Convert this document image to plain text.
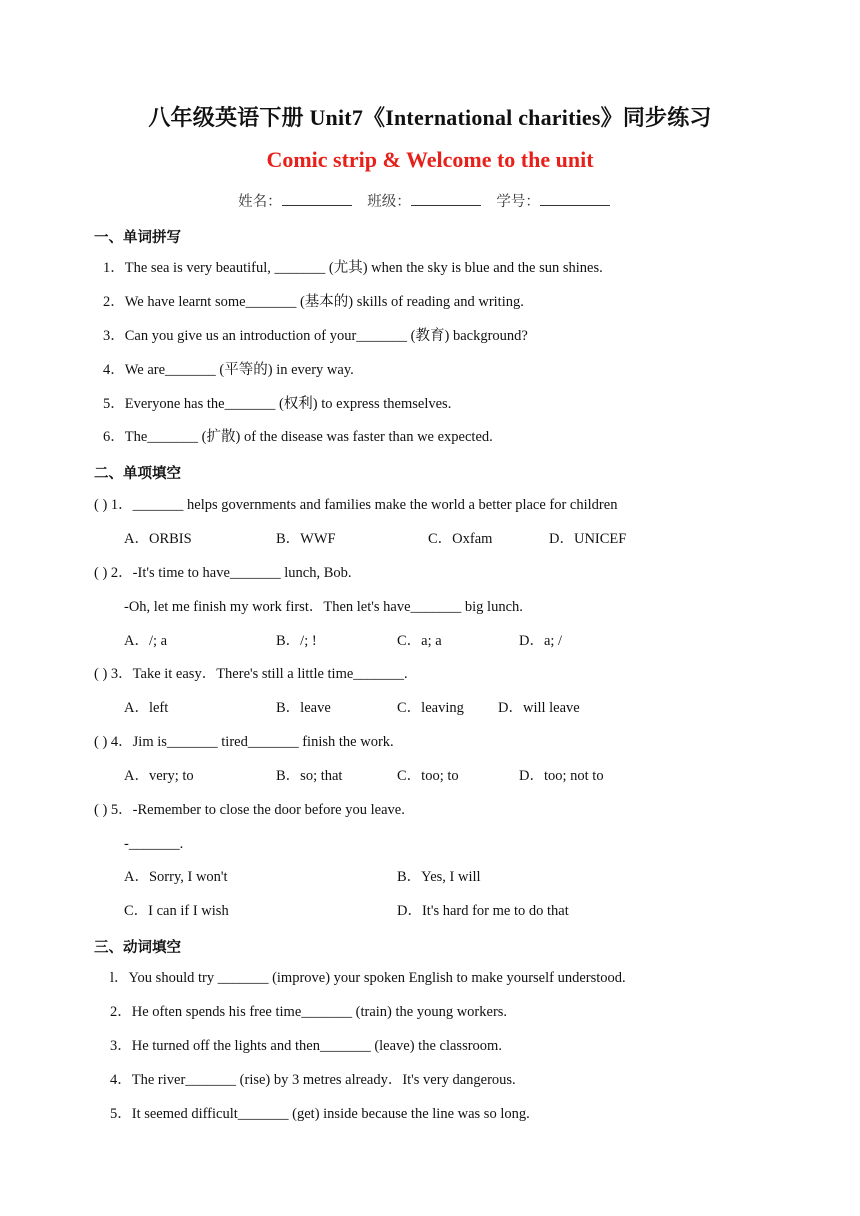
八年级英语下册 Unit7《International charities》同步练习
Comic strip & Welcome to the unit
姓名：	班级：	学号：
一、单词拼写
1．The sea is very beautiful, _______ (尤其) when the sky is blue and the sun shines.
2．We have learnt some_______ (基本的) skills of reading and writing.
3．Can you give us an introduction of your_______ (教育) background?
4．We are_______ (平等的) in every way.
5．Everyone has the_______ (权利) to express themselves.
6．The_______ (扩散) of the disease was faster than we expected.
二、单项填空
( ) 1．_______ helps governments and families make the world a better place for children
A．ORBIS	B．WWF	C．Oxfam	D．UNICEF
( ) 2．-It's time to have_______ lunch, Bob.
-Oh, let me finish my work first．Then let's have_______ big lunch.
A．/; a	B．/; !	C．a; a	D．a; /
( ) 3．Take it easy．There's still a little time_______.
A．left	B．leave	C．leaving D．will leave
( ) 4．Jim is_______ tired_______ finish the work.
A．very; to	B．so; that	C．too; to	D．too; not to
( ) 5．-Remember to close the door before you leave.
-_______.
A．Sorry, I won't	B．Yes, I will
C．I can if I wish	D．It's hard for me to do that
三、动词填空
l．You should try _______ (improve) your spoken English to make yourself understood.
2．He often spends his free time_______ (train) the young workers.
3．He turned off the lights and then_______ (leave) the classroom.
4．The river_______ (rise) by 3 metres already．It's very dangerous.
5．It seemed difficult_______ (get) inside because the line was so long.
